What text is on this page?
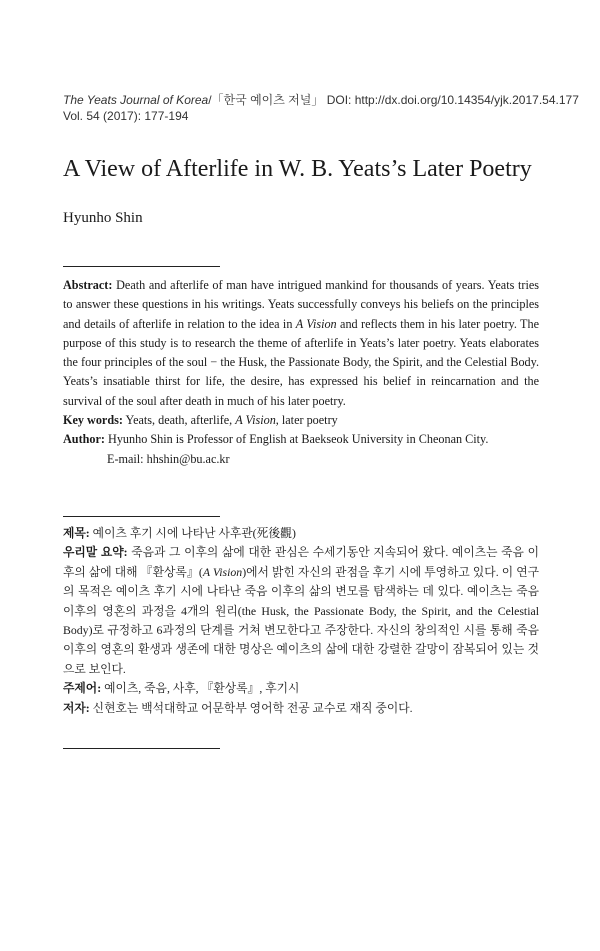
The Yeats Journal of Korea/「한국 예이츠 저널」 DOI: http://dx.doi.org/10.14354/yjk.2017.54.177
Vol. 54 (2017): 177-194
A View of Afterlife in W. B. Yeats’s Later Poetry
Hyunho Shin

Abstract: Death and afterlife of man have intrigued mankind for thousands of years. Yeats tries to answer these questions in his writings. Yeats successfully conveys his beliefs on the principles and details of afterlife in relation to the idea in A Vision and reflects them in his later poetry. The purpose of this study is to research the theme of afterlife in Yeats’s later poetry. Yeats elaborates the four principles of the soul − the Husk, the Passionate Body, the Spirit, and the Celestial Body. Yeats’s insatiable thirst for life, the desire, has expressed his belief in reincarnation and the survival of the soul after death in much of his later poetry.

Key words: Yeats, death, afterlife, A Vision, later poetry

Author: Hyunho Shin is Professor of English at Baekseok University in Cheonan City.

E-mail: hhshin@bu.ac.kr

제목: 예이츠 후기 시에 나타난 사후관(死後觀)

우리말 요약: 죽음과 그 이후의 삶에 대한 관심은 수세기동안 지속되어 왔다. 예이츠는 죽음 이후의 삶에 대해 『환상록』(A Vision)에서 밝힌 자신의 관점을 후기 시에 투영하고 있다. 이 연구의 목적은 예이츠 후기 시에 나타난 죽음 이후의 삶의 변모를 탐색하는 데 있다. 예이츠는 죽음 이후의 영혼의 과정을 4개의 원리(the Husk, the Passionate Body, the Spirit, and the Celestial Body)로 규정하고 6과정의 단계를 거쳐 변모한다고 주장한다. 자신의 창의적인 시를 통해 죽음 이후의 영혼의 환생과 생존에 대한 명상은 예이츠의 삶에 대한 강렬한 갈망이 잠복되어 있는 것으로 보인다.

주제어: 예이츠, 죽음, 사후, 『환상록』, 후기시

저자: 신현호는 백석대학교 어문학부 영어학 전공 교수로 재직 중이다.
